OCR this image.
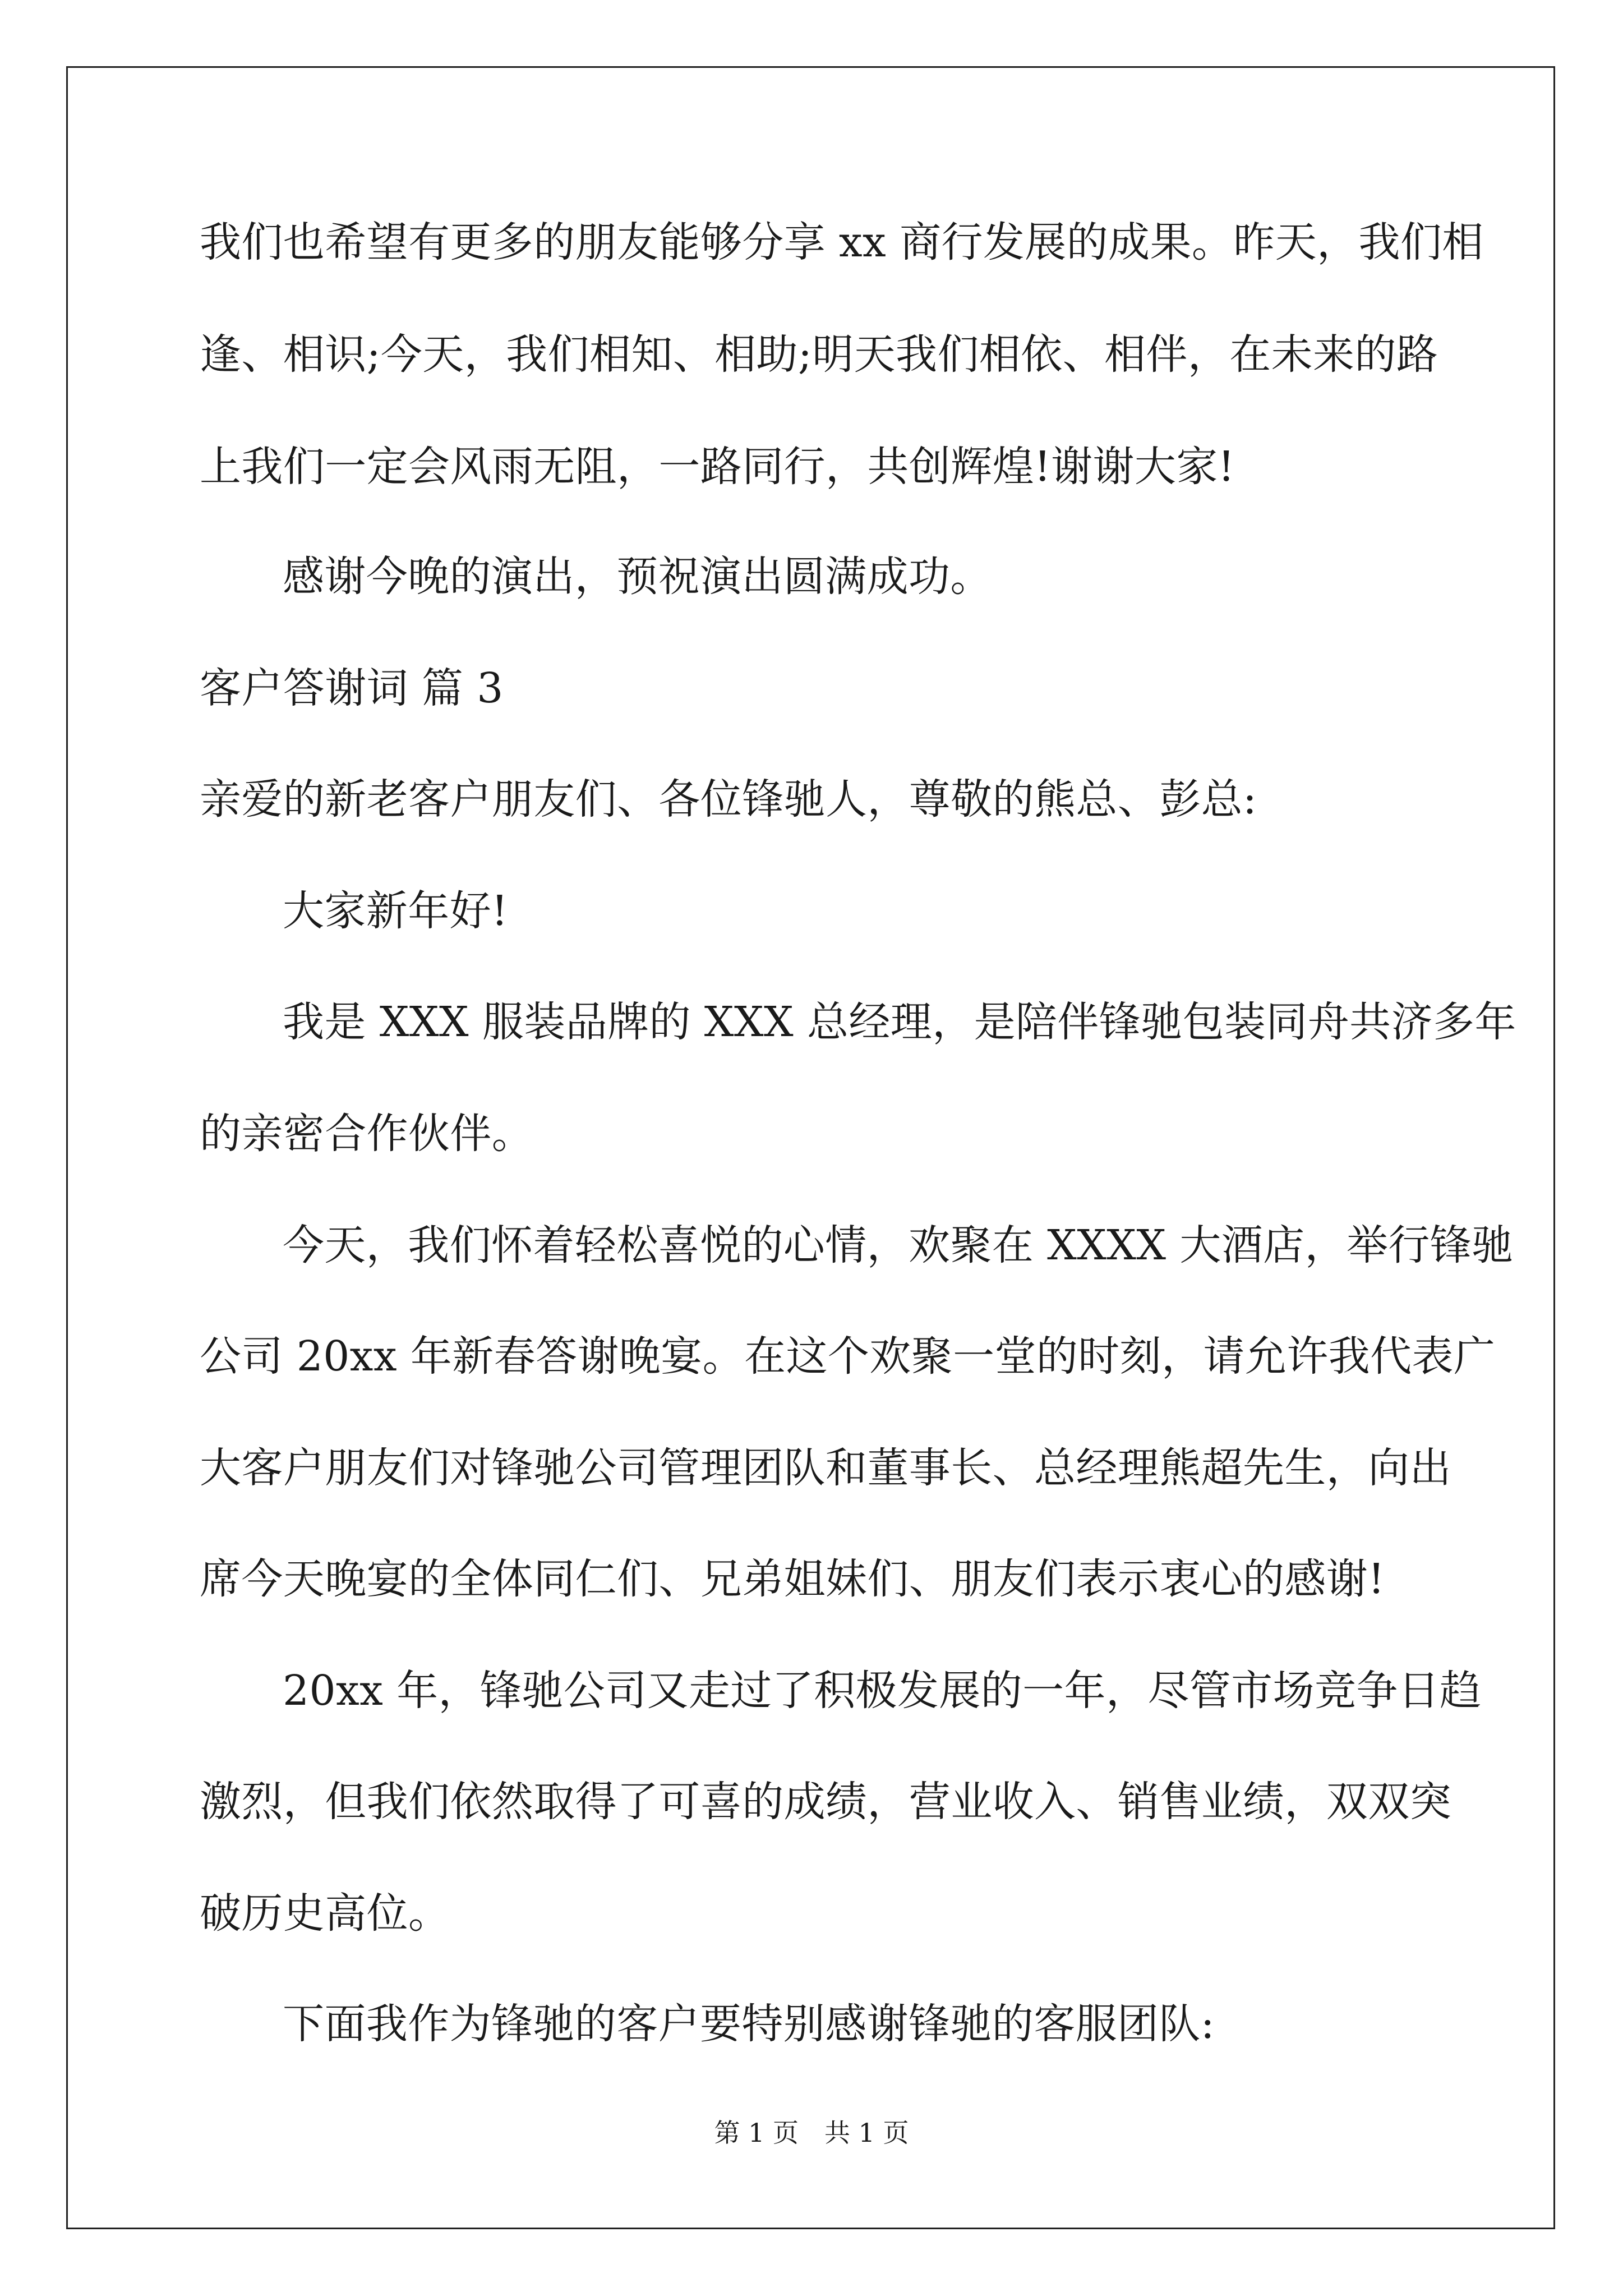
我们也希望有更多的朋友能够分享 xx 商行发展的成果。昨天，我们相
逢、相识;今天，我们相知、相助;明天我们相依、相伴，在未来的路
上我们一定会风雨无阻，一路同行，共创辉煌!谢谢大家!
感谢今晚的演出，预祝演出圆满成功。
客户答谢词 篇 3
亲爱的新老客户朋友们、各位锋驰人，尊敬的熊总、彭总:
大家新年好!
我是 XXX 服装品牌的 XXX 总经理，是陪伴锋驰包装同舟共济多年
的亲密合作伙伴。
今天，我们怀着轻松喜悦的心情，欢聚在 XXXX 大酒店，举行锋驰
公司 20xx 年新春答谢晚宴。在这个欢聚一堂的时刻，请允许我代表广
大客户朋友们对锋驰公司管理团队和董事长、总经理熊超先生，向出
席今天晚宴的全体同仁们、兄弟姐妹们、朋友们表示衷心的感谢!
20xx 年，锋驰公司又走过了积极发展的一年，尽管市场竞争日趋
激烈，但我们依然取得了可喜的成绩，营业收入、销售业绩，双双突
破历史高位。
下面我作为锋驰的客户要特别感谢锋驰的客服团队:
第 1 页 共 1 页
